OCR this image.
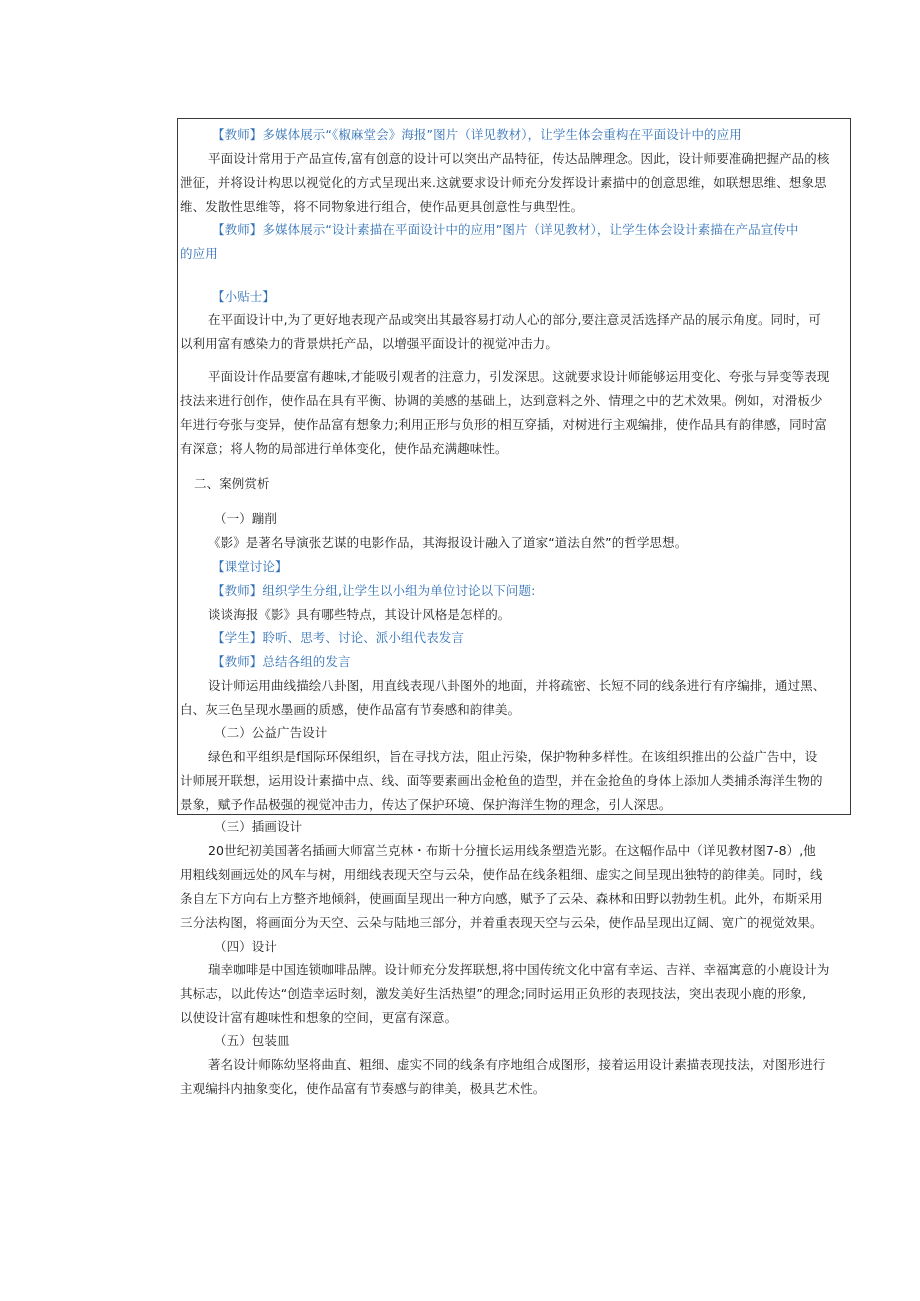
【教师】多媒体展示“《椒麻堂会》海报”图片（详见教材），让学生体会重构在平面设计中的应用
平面设计常用于产品宣传,富有创意的设计可以突出产品特征，传达品牌理念。因此，设计师要准确把握产品的核
泄征，并将设计构思以视觉化的方式呈现出来.这就要求设计师充分发挥设计素描中的创意思维，如联想思维、想象思
维、发散性思维等，将不同物象进行组合，使作品更具创意性与典型性。
【教师】多媒体展示“设计素描在平面设计中的应用”图片（详见教材），让学生体会设计素描在产品宣传中
的应用
【小贴士】
在平面设计中,为了更好地表现产品或突出其最容易打动人心的部分,要注意灵活选择产品的展示角度。同时，可
以利用富有感染力的背景烘托产品，以增强平面设计的视觉冲击力。
平面设计作品要富有趣味,才能吸引观者的注意力，引发深思。这就要求设计师能够运用变化、夸张与异变等表现
技法来进行创作，使作品在具有平衡、协调的美感的基础上，达到意料之外、情理之中的艺术效果。例如，对滑板少
年进行夸张与变异，使作品富有想象力;利用正形与负形的相互穿插，对树进行主观编排，使作品具有韵律感，同时富
有深意；将人物的局部进行单体变化，使作品充满趣味性。
二、案例赏析
（一）蹦削
《影》是著名导演张艺谋的电影作品，其海报设计融入了道家“道法自然”的哲学思想。
【课堂讨论】
【教师】组织学生分组,让学生以小组为单位讨论以下问题:
谈谈海报《影》具有哪些特点，其设计风格是怎样的。
【学生】聆听、思考、讨论、派小组代表发言
【教师】总结各组的发言
设计师运用曲线描绘八卦图，用直线表现八卦图外的地面，并将疏密、长短不同的线条进行有序编排，通过黑、
白、灰三色呈现水墨画的质感，使作品富有节奏感和韵律美。
（二）公益广告设计
绿色和平组织是f国际环保组织，旨在寻找方法，阻止污染，保护物种多样性。在该组织推出的公益广告中，设
计师展开联想，运用设计素描中点、线、面等要素画出金枪鱼的造型，并在金抢鱼的身体上添加人类捕杀海洋生物的
景象，赋予作品极强的视觉冲击力，传达了保护环境、保护海洋生物的理念，引人深思。
（三）插画设计
20世纪初美国著名插画大师富兰克林・布斯十分擅长运用线条塑造光影。在这幅作品中（详见教材图7-8）,他
用粗线刻画远处的风车与树，用细线表现天空与云朵，使作品在线条粗细、虚实之间呈现出独特的韵律美。同时，线
条自左下方向右上方整齐地倾斜，使画面呈现出一种方向感，赋予了云朵、森林和田野以勃勃生机。此外，布斯采用
三分法构图，将画面分为天空、云朵与陆地三部分，并着重表现天空与云朵，使作品呈现出辽阔、宽广的视觉效果。
（四）设计
瑞幸咖啡是中国连锁咖啡品牌。设计师充分发挥联想,将中国传统文化中富有幸运、吉祥、幸福寓意的小鹿设计为
其标志，以此传达“创造幸运时刻，激发美好生活热望”的理念;同时运用正负形的表现技法，突出表现小鹿的形象,
以使设计富有趣味性和想象的空间，更富有深意。
（五）包装皿
著名设计师陈幼坚将曲直、粗细、虚实不同的线条有序地组合成图形，接着运用设计素描表现技法，对图形进行
主观编抖内抽象变化，使作品富有节奏感与韵律美，极具艺术性。
